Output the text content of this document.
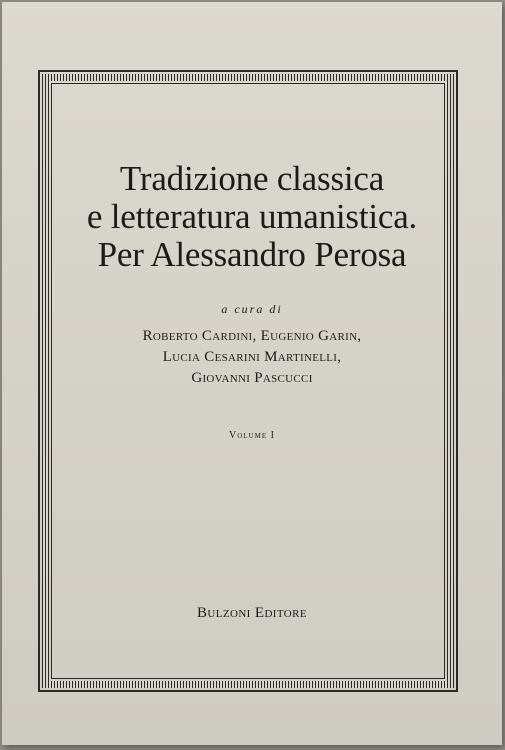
Tradizione classica
e letteratura umanistica.
Per Alessandro Perosa
a cura di
Roberto Cardini, Eugenio Garin,
Lucia Cesarini Martinelli,
Giovanni Pascucci
Volume I
Bulzoni Editore
